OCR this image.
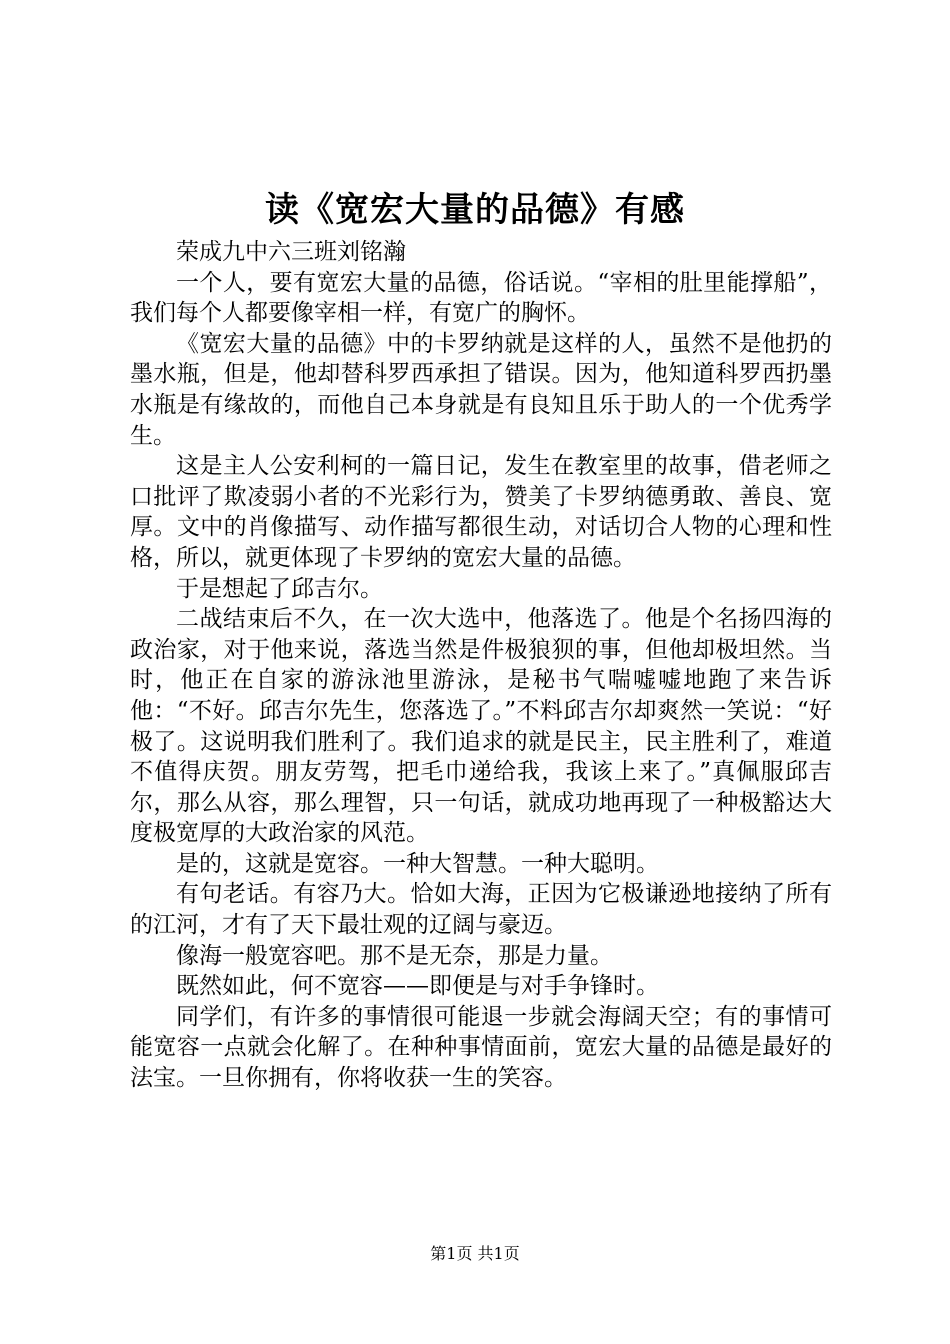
读《宽宏大量的品德》有感

荣成九中六三班刘铭瀚

一个人，要有宽宏大量的品德，俗话说。“宰相的肚里能撑船”，我们每个人都要像宰相一样，有宽广的胸怀。

《宽宏大量的品德》中的卡罗纳就是这样的人，虽然不是他扔的墨水瓶，但是，他却替科罗西承担了错误。因为，他知道科罗西扔墨水瓶是有缘故的，而他自己本身就是有良知且乐于助人的一个优秀学生。

这是主人公安利柯的一篇日记，发生在教室里的故事，借老师之口批评了欺凌弱小者的不光彩行为，赞美了卡罗纳德勇敢、善良、宽厚。文中的肖像描写、动作描写都很生动，对话切合人物的心理和性格，所以，就更体现了卡罗纳的宽宏大量的品德。

于是想起了邱吉尔。

二战结束后不久，在一次大选中，他落选了。他是个名扬四海的政治家，对于他来说，落选当然是件极狼狈的事，但他却极坦然。当时，他正在自家的游泳池里游泳，是秘书气喘嘘嘘地跑了来告诉他：“不好。邱吉尔先生，您落选了。”不料邱吉尔却爽然一笑说：“好极了。这说明我们胜利了。我们追求的就是民主，民主胜利了，难道不值得庆贺。朋友劳驾，把毛巾递给我，我该上来了。”真佩服邱吉尔，那么从容，那么理智，只一句话，就成功地再现了一种极豁达大度极宽厚的大政治家的风范。

是的，这就是宽容。一种大智慧。一种大聪明。

有句老话。有容乃大。恰如大海，正因为它极谦逊地接纳了所有的江河，才有了天下最壮观的辽阔与豪迈。

像海一般宽容吧。那不是无奈，那是力量。

既然如此，何不宽容——即便是与对手争锋时。

同学们，有许多的事情很可能退一步就会海阔天空；有的事情可能宽容一点就会化解了。在种种事情面前，宽宏大量的品德是最好的法宝。一旦你拥有，你将收获一生的笑容。

第1页 共1页
